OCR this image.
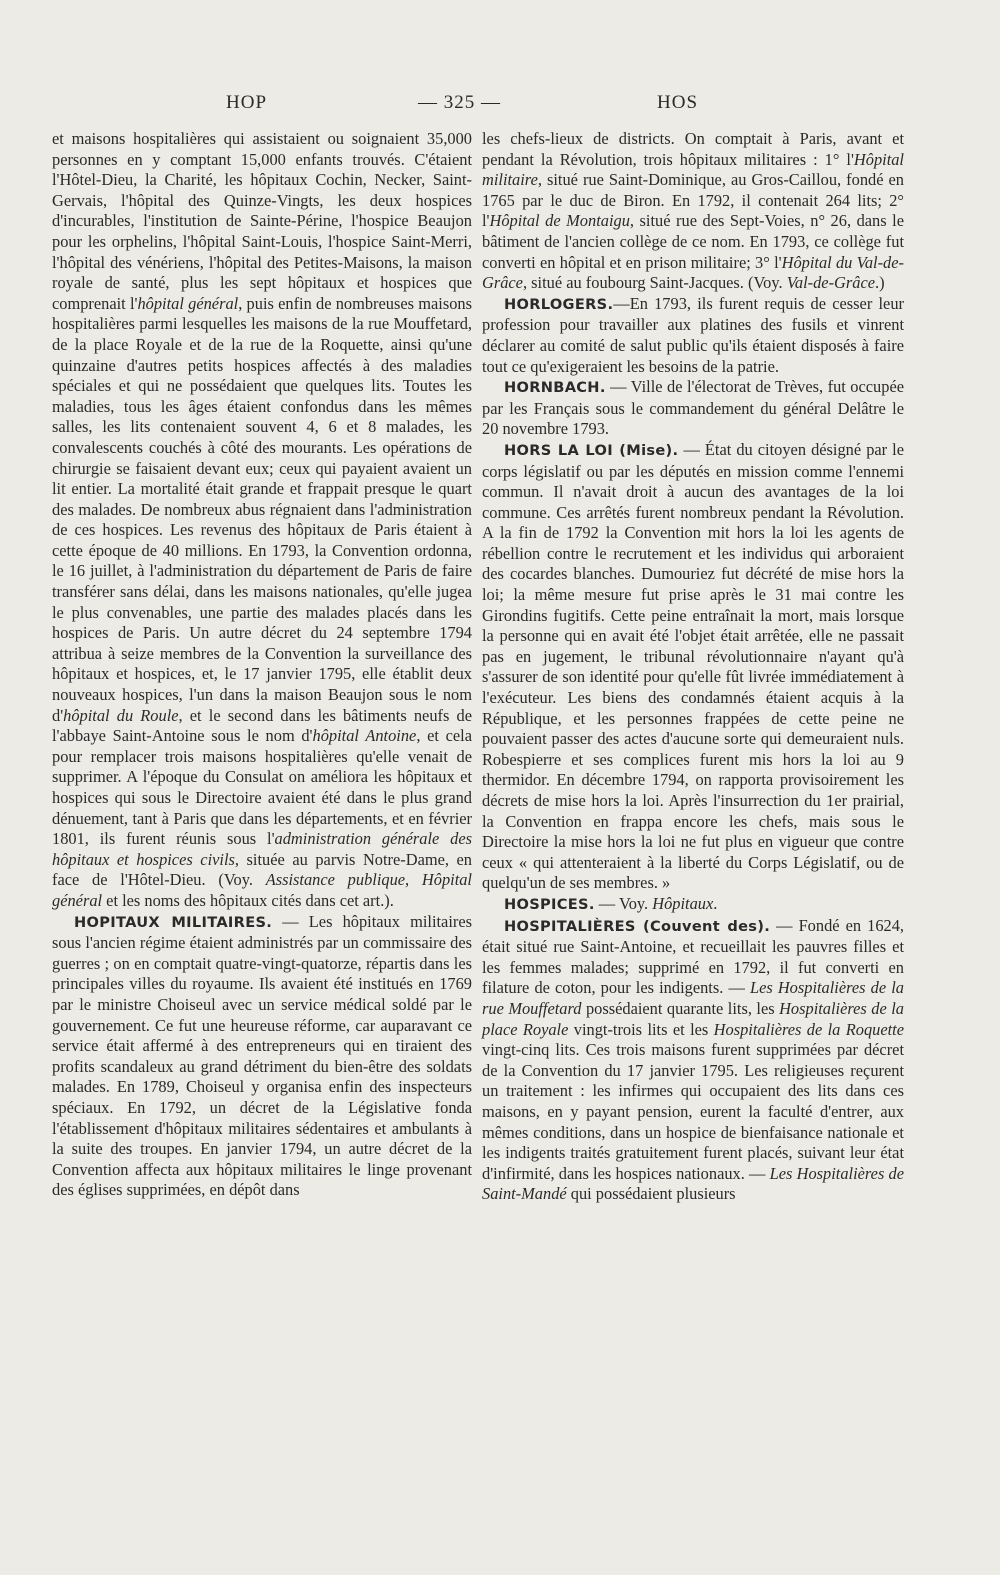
HOP	— 325 —	HOS

et maisons hospitalières qui assistaient ou soignaient 35,000 personnes en y comptant 15,000 enfants trouvés. C'étaient l'Hôtel-Dieu, la Charité, les hôpitaux Cochin, Necker, Saint-Gervais, l'hôpital des Quinze-Vingts, les deux hospices d'incurables, l'institution de Sainte-Périne, l'hospice Beaujon pour les orphelins, l'hôpital Saint-Louis, l'hospice Saint-Merri, l'hôpital des vénériens, l'hôpital des Petites-Maisons, la maison royale de santé, plus les sept hôpitaux et hospices que comprenait l'hôpital général, puis enfin de nombreuses maisons hospitalières parmi lesquelles les maisons de la rue Mouffetard, de la place Royale et de la rue de la Roquette, ainsi qu'une quinzaine d'autres petits hospices affectés à des maladies spéciales et qui ne possédaient que quelques lits. Toutes les maladies, tous les âges étaient confondus dans les mêmes salles, les lits contenaient souvent 4, 6 et 8 malades, les convalescents couchés à côté des mourants. Les opérations de chirurgie se faisaient devant eux; ceux qui payaient avaient un lit entier. La mortalité était grande et frappait presque le quart des malades. De nombreux abus régnaient dans l'administration de ces hospices. Les revenus des hôpitaux de Paris étaient à cette époque de 40 millions. En 1793, la Convention ordonna, le 16 juillet, à l'administration du département de Paris de faire transférer sans délai, dans les maisons nationales, qu'elle jugea le plus convenables, une partie des malades placés dans les hospices de Paris. Un autre décret du 24 septembre 1794 attribua à seize membres de la Convention la surveillance des hôpitaux et hospices, et, le 17 janvier 1795, elle établit deux nouveaux hospices, l'un dans la maison Beaujon sous le nom d'hôpital du Roule, et le second dans les bâtiments neufs de l'abbaye Saint-Antoine sous le nom d'hôpital Antoine, et cela pour remplacer trois maisons hospitalières qu'elle venait de supprimer. A l'époque du Consulat on améliora les hôpitaux et hospices qui sous le Directoire avaient été dans le plus grand dénuement, tant à Paris que dans les départements, et en février 1801, ils furent réunis sous l'administration générale des hôpitaux et hospices civils, située au parvis Notre-Dame, en face de l'Hôtel-Dieu. (Voy. Assistance publique, Hôpital général et les noms des hôpitaux cités dans cet art.).

HOPITAUX MILITAIRES. — Les hôpitaux militaires sous l'ancien régime étaient administrés par un commissaire des guerres ; on en comptait quatre-vingt-quatorze, répartis dans les principales villes du royaume. Ils avaient été institués en 1769 par le ministre Choiseul avec un service médical soldé par le gouvernement. Ce fut une heureuse réforme, car auparavant ce service était affermé à des entrepreneurs qui en tiraient des profits scandaleux au grand détriment du bien-être des soldats malades. En 1789, Choiseul y organisa enfin des inspecteurs spéciaux. En 1792, un décret de la Législative fonda l'établissement d'hôpitaux militaires sédentaires et ambulants à la suite des troupes. En janvier 1794, un autre décret de la Convention affecta aux hôpitaux militaires le linge provenant des églises supprimées, en dépôt dans

les chefs-lieux de districts. On comptait à Paris, avant et pendant la Révolution, trois hôpitaux militaires : 1° l'Hôpital militaire, situé rue Saint-Dominique, au Gros-Caillou, fondé en 1765 par le duc de Biron. En 1792, il contenait 264 lits; 2° l'Hôpital de Montaigu, situé rue des Sept-Voies, n° 26, dans le bâtiment de l'ancien collège de ce nom. En 1793, ce collège fut converti en hôpital et en prison militaire; 3° l'Hôpital du Val-de-Grâce, situé au foubourg Saint-Jacques. (Voy. Val-de-Grâce.)

HORLOGERS.—En 1793, ils furent requis de cesser leur profession pour travailler aux platines des fusils et vinrent déclarer au comité de salut public qu'ils étaient disposés à faire tout ce qu'exigeraient les besoins de la patrie.

HORNBACH. — Ville de l'électorat de Trèves, fut occupée par les Français sous le commandement du général Delâtre le 20 novembre 1793.

HORS LA LOI (Mise). — État du citoyen désigné par le corps législatif ou par les députés en mission comme l'ennemi commun. Il n'avait droit à aucun des avantages de la loi commune. Ces arrêtés furent nombreux pendant la Révolution. A la fin de 1792 la Convention mit hors la loi les agents de rébellion contre le recrutement et les individus qui arboraient des cocardes blanches. Dumouriez fut décrété de mise hors la loi; la même mesure fut prise après le 31 mai contre les Girondins fugitifs. Cette peine entraînait la mort, mais lorsque la personne qui en avait été l'objet était arrêtée, elle ne passait pas en jugement, le tribunal révolutionnaire n'ayant qu'à s'assurer de son identité pour qu'elle fût livrée immédiatement à l'exécuteur. Les biens des condamnés étaient acquis à la République, et les personnes frappées de cette peine ne pouvaient passer des actes d'aucune sorte qui demeuraient nuls. Robespierre et ses complices furent mis hors la loi au 9 thermidor. En décembre 1794, on rapporta provisoirement les décrets de mise hors la loi. Après l'insurrection du 1er prairial, la Convention en frappa encore les chefs, mais sous le Directoire la mise hors la loi ne fut plus en vigueur que contre ceux « qui attenteraient à la liberté du Corps Législatif, ou de quelqu'un de ses membres. »

HOSPICES. — Voy. Hôpitaux.

HOSPITALIÈRES (Couvent des). — Fondé en 1624, était situé rue Saint-Antoine, et recueillait les pauvres filles et les femmes malades; supprimé en 1792, il fut converti en filature de coton, pour les indigents. — Les Hospitalières de la rue Mouffetard possédaient quarante lits, les Hospitalières de la place Royale vingt-trois lits et les Hospitalières de la Roquette vingt-cinq lits. Ces trois maisons furent supprimées par décret de la Convention du 17 janvier 1795. Les religieuses reçurent un traitement : les infirmes qui occupaient des lits dans ces maisons, en y payant pension, eurent la faculté d'entrer, aux mêmes conditions, dans un hospice de bienfaisance nationale et les indigents traités gratuitement furent placés, suivant leur état d'infirmité, dans les hospices nationaux. — Les Hospitalières de Saint-Mandé qui possédaient plusieurs
